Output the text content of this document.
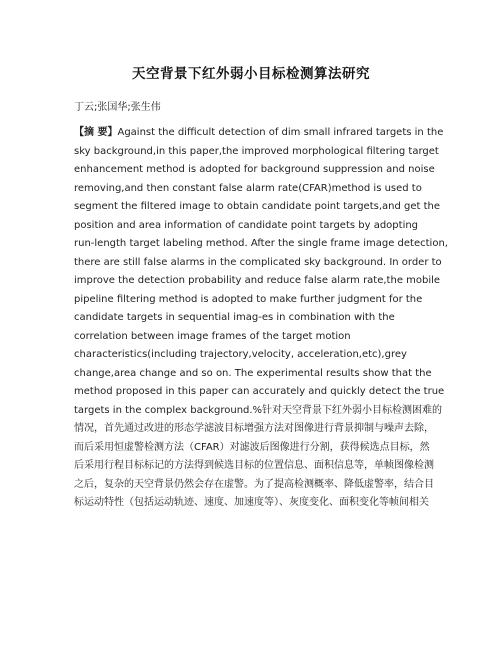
天空背景下红外弱小目标检测算法研究
丁云;张国华;张生伟
【摘 要】Against the difficult detection of dim small infrared targets in the
sky background,in this paper,the improved morphological filtering target
enhancement method is adopted for background suppression and noise
removing,and then constant false alarm rate(CFAR)method is used to
segment the filtered image to obtain candidate point targets,and get the
position and area information of candidate point targets by adopting
run-length target labeling method. After the single frame image detection,
there are still false alarms in the complicated sky background. In order to
improve the detection probability and reduce false alarm rate,the mobile
pipeline filtering method is adopted to make further judgment for the
candidate targets in sequential imag-es in combination with the
correlation between image frames of the target motion
characteristics(including trajectory,velocity, acceleration,etc),grey
change,area change and so on. The experimental results show that the
method proposed in this paper can accurately and quickly detect the true
targets in the complex background.%针对天空背景下红外弱小目标检测困难的
情况，首先通过改进的形态学滤波目标增强方法对图像进行背景抑制与噪声去除，
而后采用恒虚警检测方法（CFAR）对滤波后图像进行分割，获得候选点目标，然
后采用行程目标标记的方法得到候选目标的位置信息、面积信息等，单帧图像检测
之后，复杂的天空背景仍然会存在虚警。为了提高检测概率、降低虚警率，结合目
标运动特性（包括运动轨迹、速度、加速度等）、灰度变化、面积变化等帧间相关
